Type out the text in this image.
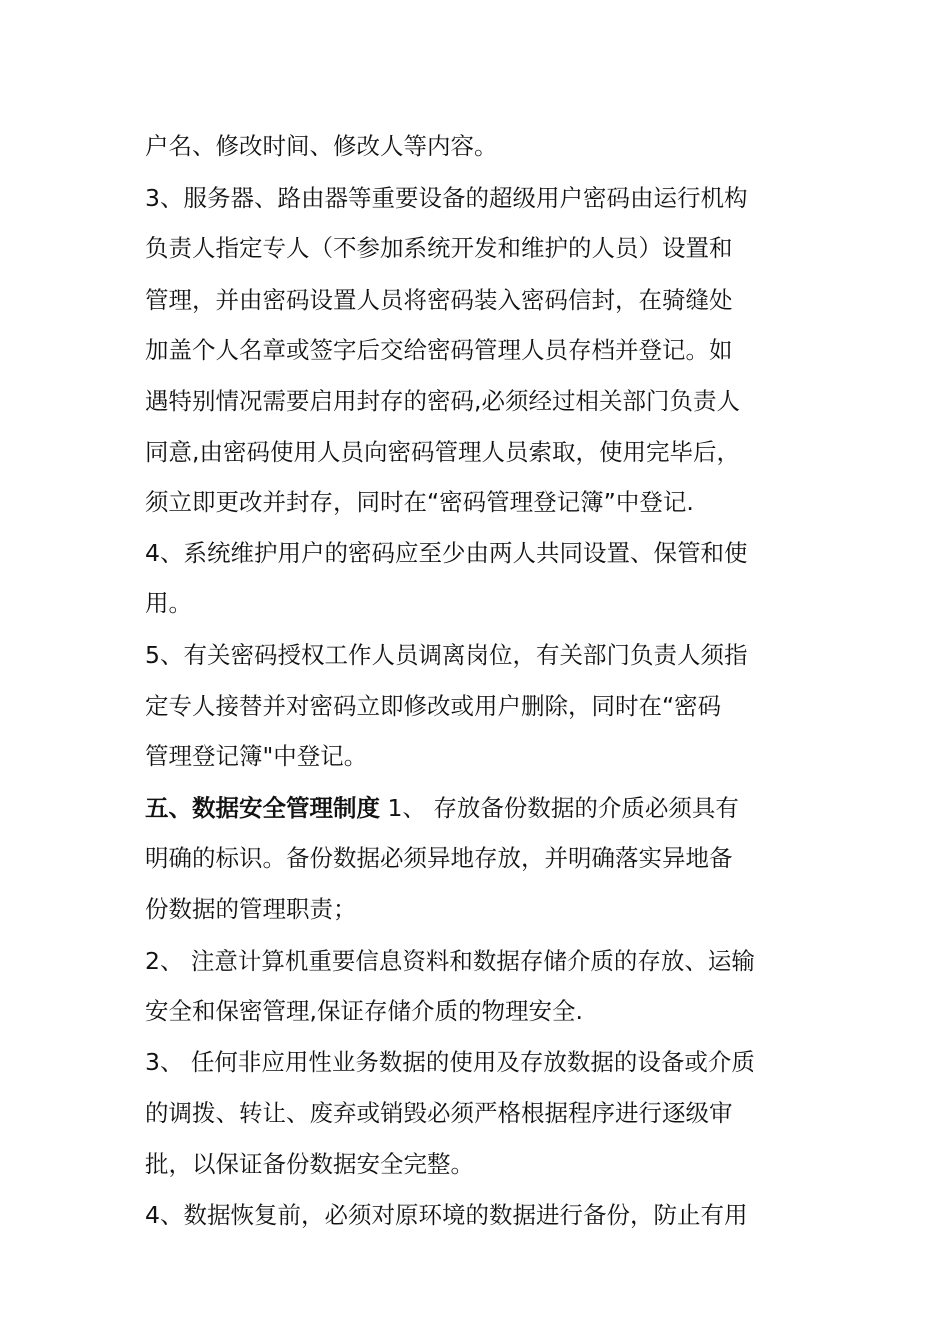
户名、修改时间、修改人等内容。
3、服务器、路由器等重要设备的超级用户密码由运行机构
负责人指定专人（不参加系统开发和维护的人员）设置和
管理，并由密码设置人员将密码装入密码信封，在骑缝处
加盖个人名章或签字后交给密码管理人员存档并登记。如
遇特别情况需要启用封存的密码,必须经过相关部门负责人
同意,由密码使用人员向密码管理人员索取，使用完毕后，
须立即更改并封存，同时在“密码管理登记簿”中登记.
4、系统维护用户的密码应至少由两人共同设置、保管和使
用。
5、有关密码授权工作人员调离岗位，有关部门负责人须指
定专人接替并对密码立即修改或用户删除，同时在“密码
管理登记簿"中登记。
五、数据安全管理制度 1、 存放备份数据的介质必须具有
明确的标识。备份数据必须异地存放，并明确落实异地备
份数据的管理职责；
2、 注意计算机重要信息资料和数据存储介质的存放、运输
安全和保密管理,保证存储介质的物理安全.
3、 任何非应用性业务数据的使用及存放数据的设备或介质
的调拨、转让、废弃或销毁必须严格根据程序进行逐级审
批，以保证备份数据安全完整。
4、数据恢复前，必须对原环境的数据进行备份，防止有用
